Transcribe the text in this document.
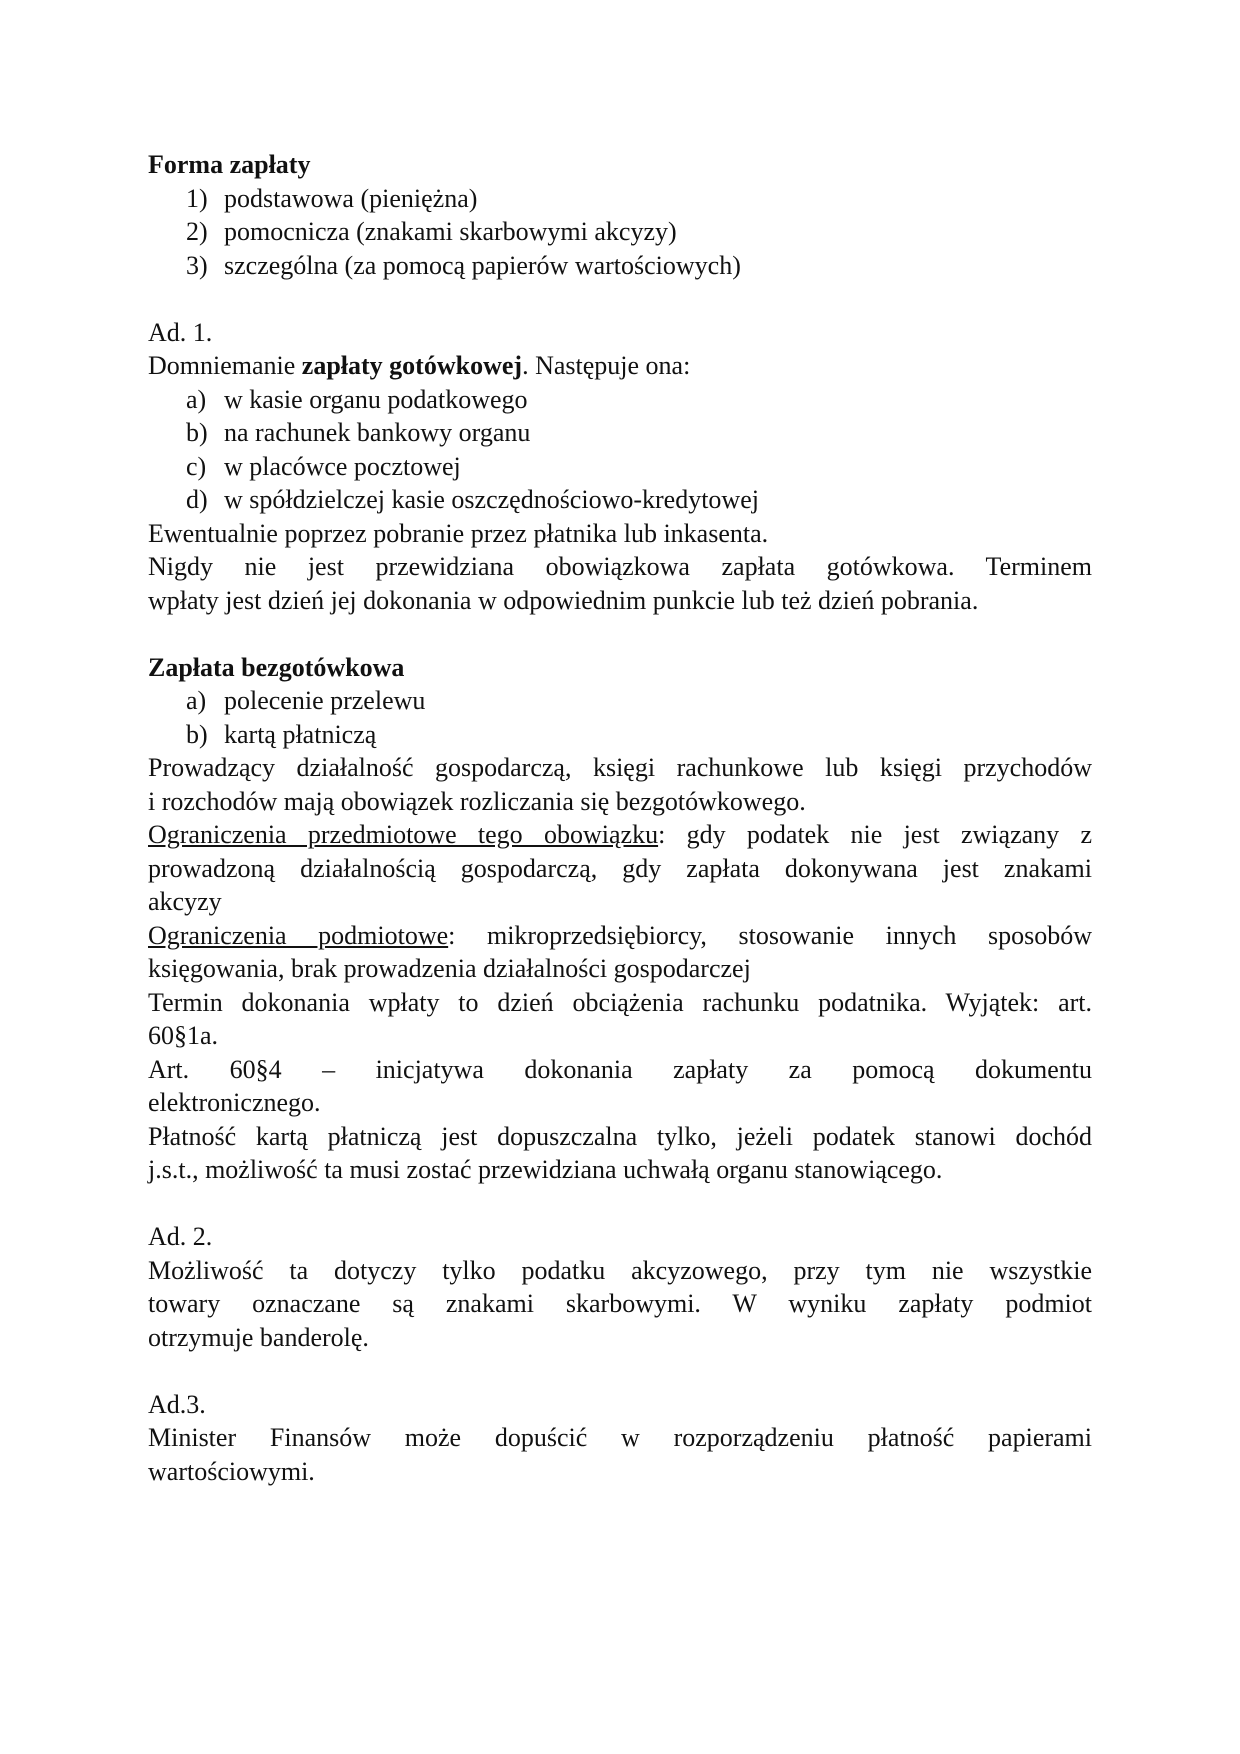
Forma zapłaty
1) podstawowa (pieniężna)
2) pomocnicza (znakami skarbowymi akcyzy)
3) szczególna (za pomocą papierów wartościowych)
Ad. 1.
Domniemanie zapłaty gotówkowej. Następuje ona:
a) w kasie organu podatkowego
b) na rachunek bankowy organu
c) w placówce pocztowej
d) w spółdzielczej kasie oszczędnościowo-kredytowej
Ewentualnie poprzez pobranie przez płatnika lub inkasenta.
Nigdy nie jest przewidziana obowiązkowa zapłata gotówkowa. Terminem
wpłaty jest dzień jej dokonania w odpowiednim punkcie lub też dzień pobrania.
Zapłata bezgotówkowa
a) polecenie przelewu
b) kartą płatniczą
Prowadzący działalność gospodarczą, księgi rachunkowe lub księgi przychodów
i rozchodów mają obowiązek rozliczania się bezgotówkowego.
Ograniczenia przedmiotowe tego obowiązku: gdy podatek nie jest związany z
prowadzoną działalnością gospodarczą, gdy zapłata dokonywana jest znakami
akcyzy
Ograniczenia podmiotowe: mikroprzedsiębiorcy, stosowanie innych sposobów
księgowania, brak prowadzenia działalności gospodarczej
Termin dokonania wpłaty to dzień obciążenia rachunku podatnika. Wyjątek: art.
60§1a.
Art. 60§4 – inicjatywa dokonania zapłaty za pomocą dokumentu
elektronicznego.
Płatność kartą płatniczą jest dopuszczalna tylko, jeżeli podatek stanowi dochód
j.s.t., możliwość ta musi zostać przewidziana uchwałą organu stanowiącego.
Ad. 2.
Możliwość ta dotyczy tylko podatku akcyzowego, przy tym nie wszystkie
towary oznaczane są znakami skarbowymi. W wyniku zapłaty podmiot
otrzymuje banderolę.
Ad.3.
Minister Finansów może dopuścić w rozporządzeniu płatność papierami
wartościowymi.
